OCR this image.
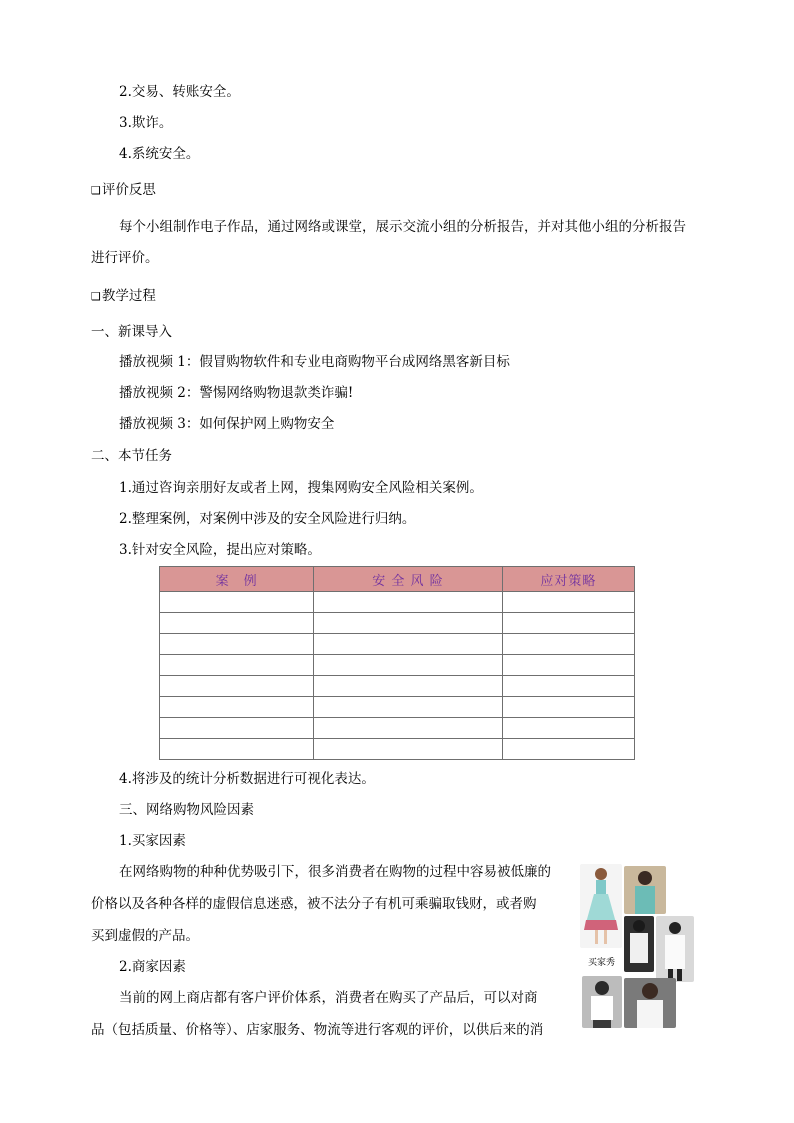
2.交易、转账安全。
3.欺诈。
4.系统安全。
❑评价反思
每个小组制作电子作品，通过网络或课堂，展示交流小组的分析报告，并对其他小组的分析报告
进行评价。
❑教学过程
一、新课导入
播放视频 1：假冒购物软件和专业电商购物平台成网络黑客新目标
播放视频 2：警惕网络购物退款类诈骗!
播放视频 3：如何保护网上购物安全
二、本节任务
1.通过咨询亲朋好友或者上网，搜集网购安全风险相关案例。
2.整理案例，对案例中涉及的安全风险进行归纳。
3.针对安全风险，提出应对策略。
案　例	安 全 风 险	应对策略

4.将涉及的统计分析数据进行可视化表达。
三、网络购物风险因素
1.买家因素
在网络购物的种种优势吸引下，很多消费者在购物的过程中容易被低廉的
价格以及各种各样的虚假信息迷惑，被不法分子有机可乘骗取钱财，或者购
买到虚假的产品。
2.商家因素
当前的网上商店都有客户评价体系，消费者在购买了产品后，可以对商
品（包括质量、价格等）、店家服务、物流等进行客观的评价，以供后来的消
买家秀
